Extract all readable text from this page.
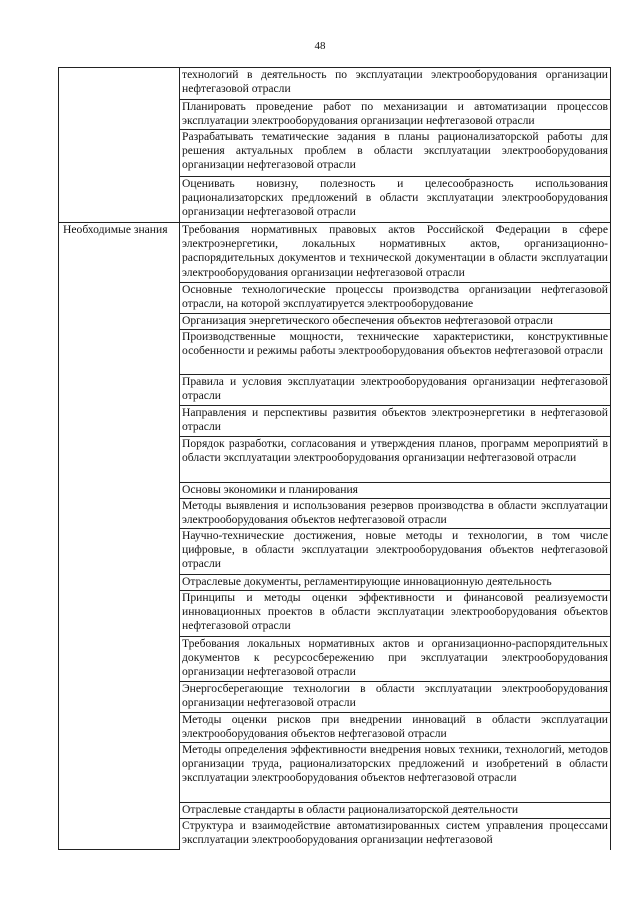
48
	технологий в деятельность по эксплуатации электрооборудования организации нефтегазовой отрасли
	Планировать проведение работ по механизации и автоматизации процессов эксплуатации электрооборудования организации нефтегазовой отрасли
	Разрабатывать тематические задания в планы рационализаторской работы для решения актуальных проблем в области эксплуатации электрооборудования организации нефтегазовой отрасли
	Оценивать новизну, полезность и целесообразность использования рационализаторских предложений в области эксплуатации электрооборудования организации нефтегазовой отрасли
Необходимые знания	Требования нормативных правовых актов Российской Федерации в сфере электроэнергетики, локальных нормативных актов, организационно-распорядительных документов и технической документации в области эксплуатации электрооборудования организации нефтегазовой отрасли
	Основные технологические процессы производства организации нефтегазовой отрасли, на которой эксплуатируется электрооборудование
	Организация энергетического обеспечения объектов нефтегазовой отрасли
	Производственные мощности, технические характеристики, конструктивные особенности и режимы работы электрооборудования объектов нефтегазовой отрасли
	Правила и условия эксплуатации электрооборудования организации нефтегазовой отрасли
	Направления и перспективы развития объектов электроэнергетики в нефтегазовой отрасли
	Порядок разработки, согласования и утверждения планов, программ мероприятий в области эксплуатации электрооборудования организации нефтегазовой отрасли
	Основы экономики и планирования
	Методы выявления и использования резервов производства в области эксплуатации электрооборудования объектов нефтегазовой отрасли
	Научно-технические достижения, новые методы и технологии, в том числе цифровые, в области эксплуатации электрооборудования объектов нефтегазовой отрасли
	Отраслевые документы, регламентирующие инновационную деятельность
	Принципы и методы оценки эффективности и финансовой реализуемости инновационных проектов в области эксплуатации электрооборудования объектов нефтегазовой отрасли
	Требования локальных нормативных актов и организационно-распорядительных документов к ресурсосбережению при эксплуатации электрооборудования организации нефтегазовой отрасли
	Энергосберегающие технологии в области эксплуатации электрооборудования организации нефтегазовой отрасли
	Методы оценки рисков при внедрении инноваций в области эксплуатации электрооборудования объектов нефтегазовой отрасли
	Методы определения эффективности внедрения новых техники, технологий, методов организации труда, рационализаторских предложений и изобретений в области эксплуатации электрооборудования объектов нефтегазовой отрасли
	Отраслевые стандарты в области рационализаторской деятельности
	Структура и взаимодействие автоматизированных систем управления процессами эксплуатации электрооборудования организации нефтегазовой
